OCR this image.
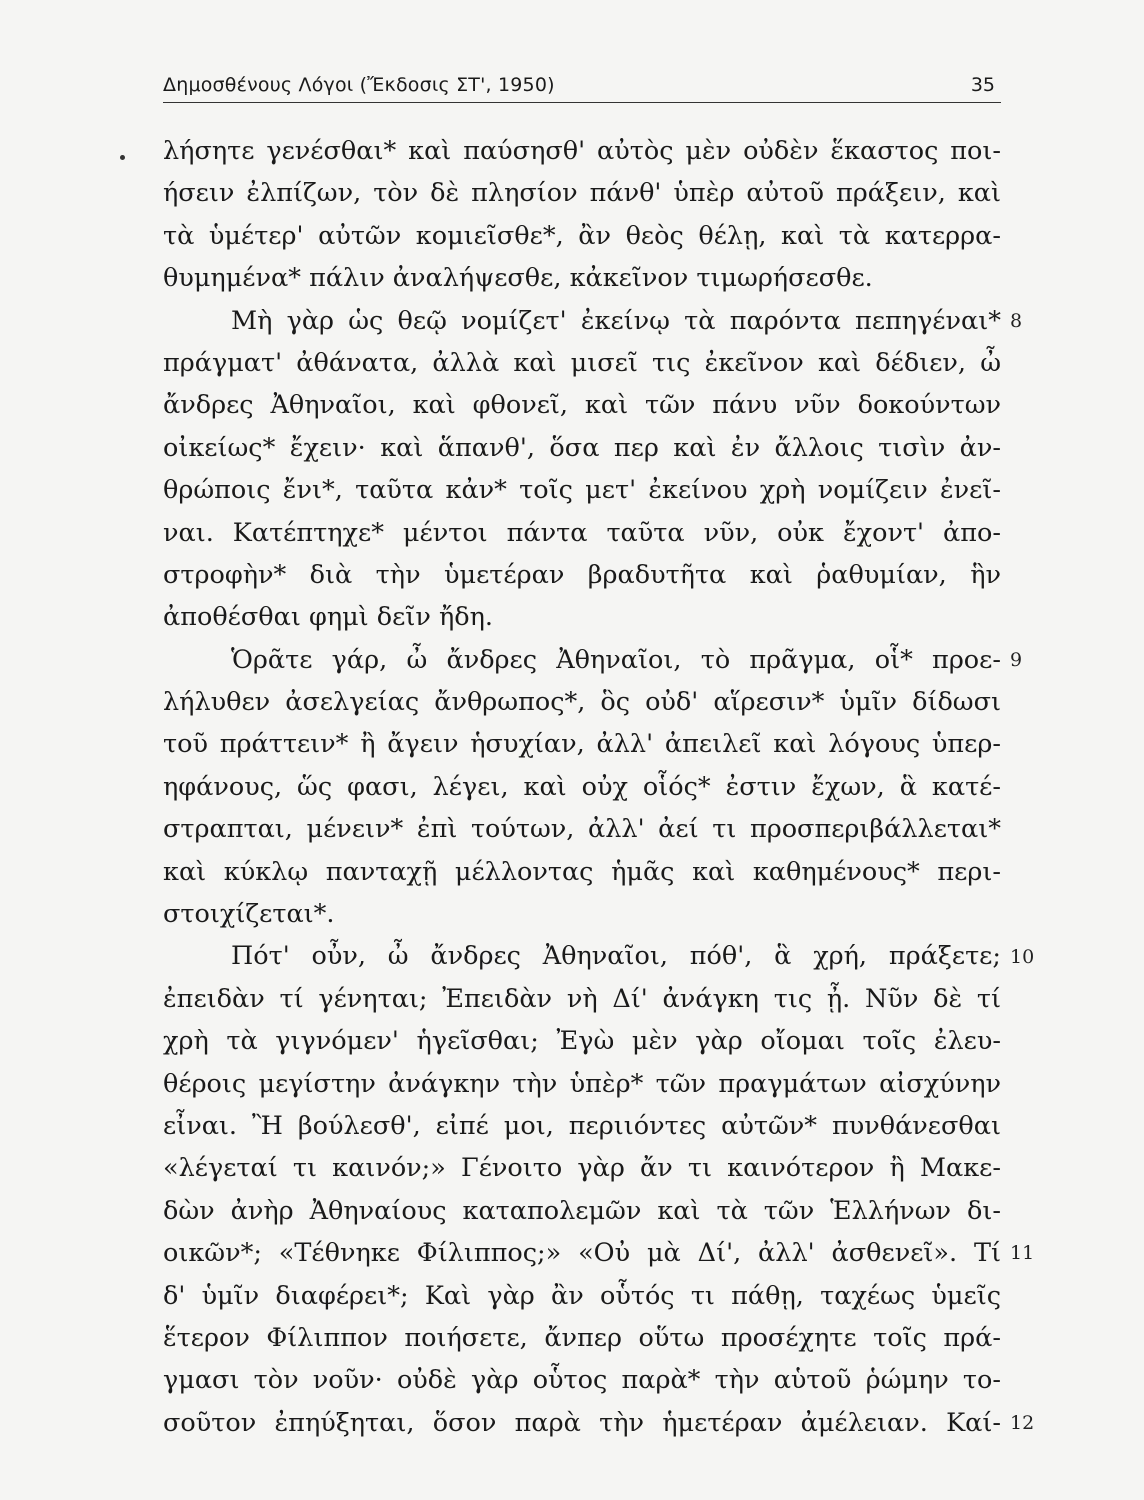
Δημοσθένους Λόγοι (Ἔκδοσις ΣΤ', 1950)	35
λήσητε γενέσθαι* καὶ παύσησθ' αὐτὸς μὲν οὐδὲν ἕκαστος ποι-
ήσειν ἐλπίζων, τὸν δὲ πλησίον πάνθ' ὑπὲρ αὐτοῦ πράξειν, καὶ
τὰ ὑμέτερ' αὐτῶν κομιεῖσθε*, ἂν θεὸς θέλῃ, καὶ τὰ κατερρα-
θυμημένα* πάλιν ἀναλήψεσθε, κἀκεῖνον τιμωρήσεσθε.
Μὴ γὰρ ὡς θεῷ νομίζετ' ἐκείνῳ τὰ παρόντα πεπηγέναι*
πράγματ' ἀθάνατα, ἀλλὰ καὶ μισεῖ τις ἐκεῖνον καὶ δέδιεν, ὦ
ἄνδρες Ἀθηναῖοι, καὶ φθονεῖ, καὶ τῶν πάνυ νῦν δοκούντων
οἰκείως* ἔχειν· καὶ ἅπανθ', ὅσα περ καὶ ἐν ἄλλοις τισὶν ἀν-
θρώποις ἔνι*, ταῦτα κἀν* τοῖς μετ' ἐκείνου χρὴ νομίζειν ἐνεῖ-
ναι. Κατέπτηχε* μέντοι πάντα ταῦτα νῦν, οὐκ ἔχοντ' ἀπο-
στροφὴν* διὰ τὴν ὑμετέραν βραδυτῆτα καὶ ῥαθυμίαν, ἣν
ἀποθέσθαι φημὶ δεῖν ἤδη.
Ὁρᾶτε γάρ, ὦ ἄνδρες Ἀθηναῖοι, τὸ πρᾶγμα, οἷ* προε-
λήλυθεν ἀσελγείας ἄνθρωπος*, ὃς οὐδ' αἵρεσιν* ὑμῖν δίδωσι
τοῦ πράττειν* ἢ ἄγειν ἡσυχίαν, ἀλλ' ἀπειλεῖ καὶ λόγους ὑπερ-
ηφάνους, ὥς φασι, λέγει, καὶ οὐχ οἷός* ἐστιν ἔχων, ἃ κατέ-
στραπται, μένειν* ἐπὶ τούτων, ἀλλ' ἀεί τι προσπεριβάλλεται*
καὶ κύκλῳ πανταχῇ μέλλοντας ἡμᾶς καὶ καθημένους* περι-
στοιχίζεται*.
Πότ' οὖν, ὦ ἄνδρες Ἀθηναῖοι, πόθ', ἃ χρή, πράξετε;
ἐπειδὰν τί γένηται; Ἐπειδὰν νὴ Δί' ἀνάγκη τις ᾖ. Νῦν δὲ τί
χρὴ τὰ γιγνόμεν' ἡγεῖσθαι; Ἐγὼ μὲν γὰρ οἴομαι τοῖς ἐλευ-
θέροις μεγίστην ἀνάγκην τὴν ὑπὲρ* τῶν πραγμάτων αἰσχύνην
εἶναι. Ἢ βούλεσθ', εἰπέ μοι, περιιόντες αὐτῶν* πυνθάνεσθαι
«λέγεταί τι καινόν;» Γένοιτο γὰρ ἄν τι καινότερον ἢ Μακε-
δὼν ἀνὴρ Ἀθηναίους καταπολεμῶν καὶ τὰ τῶν Ἑλλήνων δι-
οικῶν*; «Τέθνηκε Φίλιππος;» «Οὐ μὰ Δί', ἀλλ' ἀσθενεῖ». Τί
δ' ὑμῖν διαφέρει*; Καὶ γὰρ ἂν οὗτός τι πάθῃ, ταχέως ὑμεῖς
ἕτερον Φίλιππον ποιήσετε, ἄνπερ οὕτω προσέχητε τοῖς πρά-
γμασι τὸν νοῦν· οὐδὲ γὰρ οὗτος παρὰ* τὴν αὑτοῦ ῥώμην το-
σοῦτον ἐπηύξηται, ὅσον παρὰ τὴν ἡμετέραν ἀμέλειαν. Καί-
8
9
10
11
12
